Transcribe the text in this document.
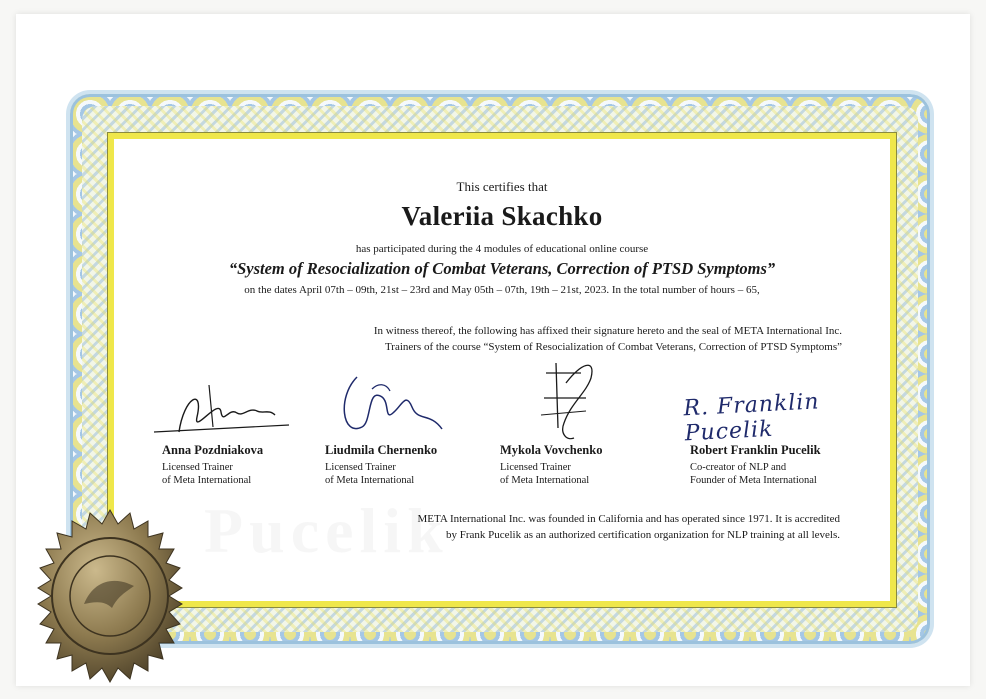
This certifies that
Valeriia Skachko
has participated during the 4 modules of educational online course
“System of Resocialization of Combat Veterans, Correction of PTSD Symptoms”
on the dates April 07th – 09th, 21st – 23rd and May 05th – 07th, 19th – 21st, 2023. In the total number of hours – 65,
In witness thereof, the following has affixed their signature hereto and the seal of META International Inc.
Trainers of the course “System of Resocialization of Combat Veterans, Correction of PTSD Symptoms”
R. Franklin Pucelik
Anna Pozdniakova
Licensed Trainer
of Meta International
Liudmila Chernenko
Licensed Trainer
of Meta International
Mykola Vovchenko
Licensed Trainer
of Meta International
Robert Franklin Pucelik
Co-creator of NLP and
Founder of Meta International
META International Inc. was founded in California and has operated since 1971. It is accredited
by Frank Pucelik as an authorized certification organization for NLP training at all levels.
